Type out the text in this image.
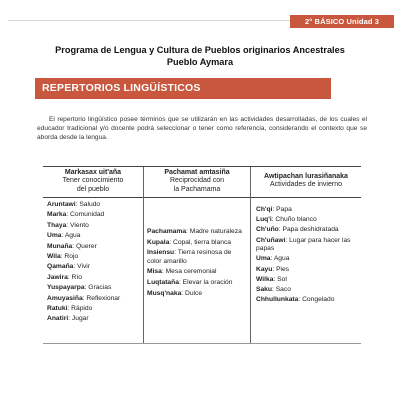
2° BÁSICO Unidad 3
Programa de Lengua y Cultura de Pueblos originarios Ancestrales
Pueblo Aymara
REPERTORIOS LINGÜÍSTICOS
El repertorio lingüístico posee términos que se utilizarán en las actividades desarrolladas, de los cuales el educador tradicional y/o docente podrá seleccionar o tener como referencia, considerando el contexto que se aborda desde la lengua.
Markasax uit'aña
Tener conocimiento
del pueblo
Pachamat amtasiña
Reciprocidad con
la Pachamama
Awtipachan lurasiñanaka
Actividades de invierno
Aruntawi: Saludo
Marka: Comunidad
Thaya: Viento
Uma: Agua
Munaña: Querer
Wila: Rojo
Qamaña: Vivir
Jawira: Río
Yuspayarpa: Gracias
Amuyasiña: Reflexionar
Ratuki: Rápido
Anatiri: Jugar
Pachamama: Madre naturaleza
Kupala: Copal, tierra blanca
Insiensu: Tierra resinosa de color amarillo
Misa: Mesa ceremonial
Luqtataña: Elevar la oración
Musq'naka: Dulce
Ch'qi: Papa
Luq'i: Chuño blanco
Ch'uño: Papa deshidratada
Ch'uñawi: Lugar para hacer las papas
Uma: Agua
Kayu: Pies
Wilka: Sol
Saku: Saco
Chhullunkata: Congelado
